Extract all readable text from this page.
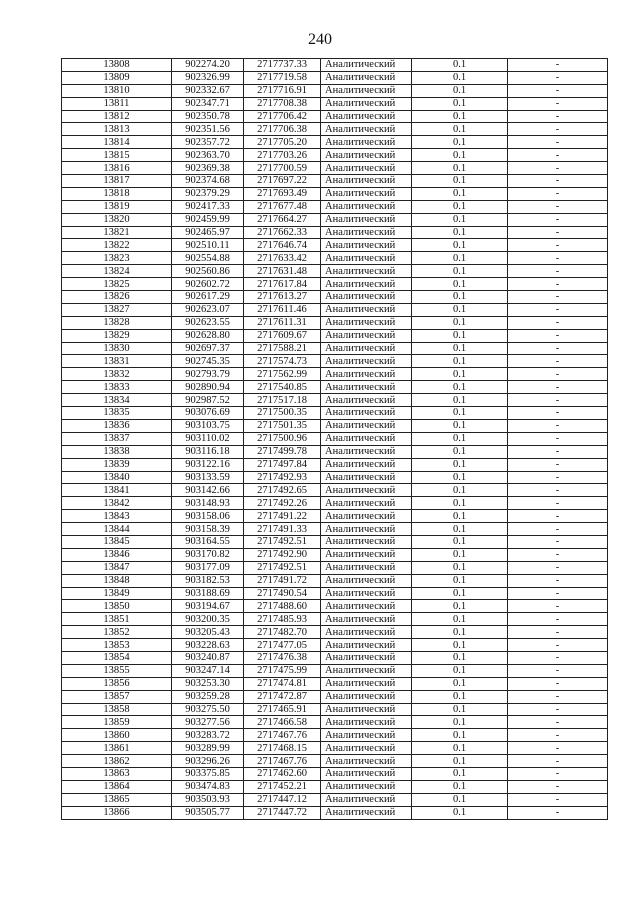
240
13808	902274.20	2717737.33	Аналитический	0.1	-
13809	902326.99	2717719.58	Аналитический	0.1	-
13810	902332.67	2717716.91	Аналитический	0.1	-
13811	902347.71	2717708.38	Аналитический	0.1	-
13812	902350.78	2717706.42	Аналитический	0.1	-
13813	902351.56	2717706.38	Аналитический	0.1	-
13814	902357.72	2717705.20	Аналитический	0.1	-
13815	902363.70	2717703.26	Аналитический	0.1	-
13816	902369.38	2717700.59	Аналитический	0.1	-
13817	902374.68	2717697.22	Аналитический	0.1	-
13818	902379.29	2717693.49	Аналитический	0.1	-
13819	902417.33	2717677.48	Аналитический	0.1	-
13820	902459.99	2717664.27	Аналитический	0.1	-
13821	902465.97	2717662.33	Аналитический	0.1	-
13822	902510.11	2717646.74	Аналитический	0.1	-
13823	902554.88	2717633.42	Аналитический	0.1	-
13824	902560.86	2717631.48	Аналитический	0.1	-
13825	902602.72	2717617.84	Аналитический	0.1	-
13826	902617.29	2717613.27	Аналитический	0.1	-
13827	902623.07	2717611.46	Аналитический	0.1	-
13828	902623.55	2717611.31	Аналитический	0.1	-
13829	902628.80	2717609.67	Аналитический	0.1	-
13830	902697.37	2717588.21	Аналитический	0.1	-
13831	902745.35	2717574.73	Аналитический	0.1	-
13832	902793.79	2717562.99	Аналитический	0.1	-
13833	902890.94	2717540.85	Аналитический	0.1	-
13834	902987.52	2717517.18	Аналитический	0.1	-
13835	903076.69	2717500.35	Аналитический	0.1	-
13836	903103.75	2717501.35	Аналитический	0.1	-
13837	903110.02	2717500.96	Аналитический	0.1	-
13838	903116.18	2717499.78	Аналитический	0.1	-
13839	903122.16	2717497.84	Аналитический	0.1	-
13840	903133.59	2717492.93	Аналитический	0.1	-
13841	903142.66	2717492.65	Аналитический	0.1	-
13842	903148.93	2717492.26	Аналитический	0.1	-
13843	903158.06	2717491.22	Аналитический	0.1	-
13844	903158.39	2717491.33	Аналитический	0.1	-
13845	903164.55	2717492.51	Аналитический	0.1	-
13846	903170.82	2717492.90	Аналитический	0.1	-
13847	903177.09	2717492.51	Аналитический	0.1	-
13848	903182.53	2717491.72	Аналитический	0.1	-
13849	903188.69	2717490.54	Аналитический	0.1	-
13850	903194.67	2717488.60	Аналитический	0.1	-
13851	903200.35	2717485.93	Аналитический	0.1	-
13852	903205.43	2717482.70	Аналитический	0.1	-
13853	903228.63	2717477.05	Аналитический	0.1	-
13854	903240.87	2717476.38	Аналитический	0.1	-
13855	903247.14	2717475.99	Аналитический	0.1	-
13856	903253.30	2717474.81	Аналитический	0.1	-
13857	903259.28	2717472.87	Аналитический	0.1	-
13858	903275.50	2717465.91	Аналитический	0.1	-
13859	903277.56	2717466.58	Аналитический	0.1	-
13860	903283.72	2717467.76	Аналитический	0.1	-
13861	903289.99	2717468.15	Аналитический	0.1	-
13862	903296.26	2717467.76	Аналитический	0.1	-
13863	903375.85	2717462.60	Аналитический	0.1	-
13864	903474.83	2717452.21	Аналитический	0.1	-
13865	903503.93	2717447.12	Аналитический	0.1	-
13866	903505.77	2717447.72	Аналитический	0.1	-
